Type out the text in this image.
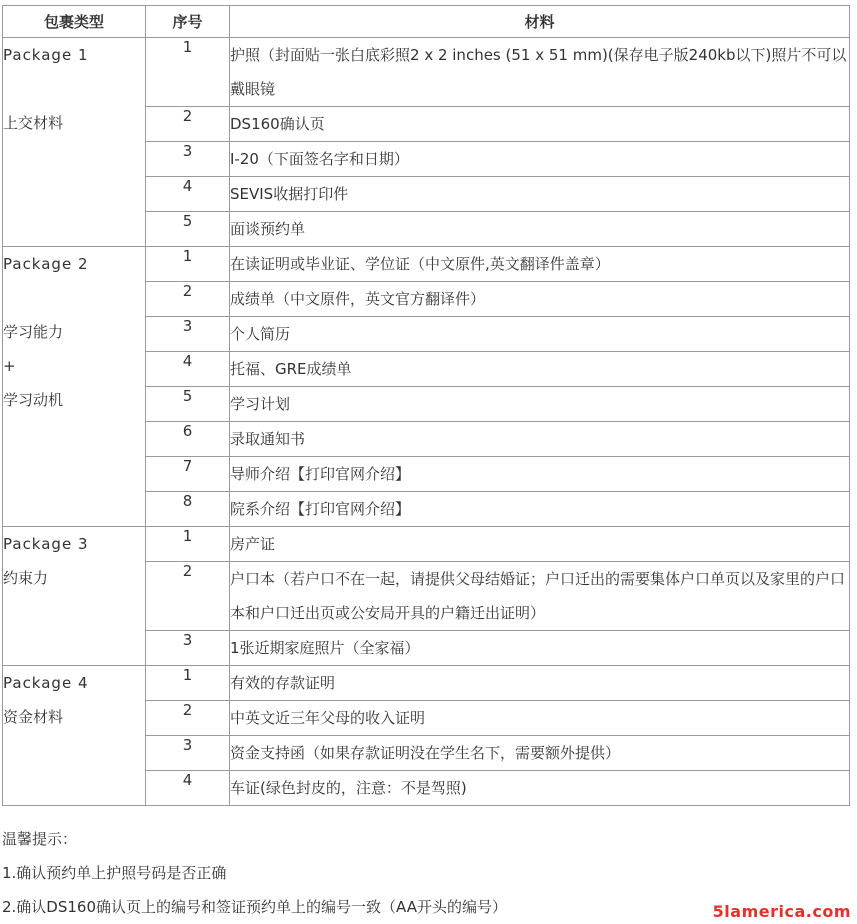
包裹类型	序号	材料

Package 1

上交材料	1	护照（封面贴一张白底彩照2 x 2 inches (51 x 51 mm)(保存电子版240kb以下)照片不可以戴眼镜
	2	DS160确认页
	3	I-20（下面签名字和日期）
	4	SEVIS收据打印件
	5	面谈预约单

Package 2

学习能力
+
学习动机	1	在读证明或毕业证、学位证（中文原件,英文翻译件盖章）
	2	成绩单（中文原件，英文官方翻译件）
	3	个人简历
	4	托福、GRE成绩单
	5	学习计划
	6	录取通知书
	7	导师介绍【打印官网介绍】
	8	院系介绍【打印官网介绍】

Package 3
约束力	1	房产证
	2	户口本（若户口不在一起，请提供父母结婚证；户口迁出的需要集体户口单页以及家里的户口本和户口迁出页或公安局开具的户籍迁出证明）
	3	1张近期家庭照片（全家福）

Package 4
资金材料	1	有效的存款证明
	2	中英文近三年父母的收入证明
	3	资金支持函（如果存款证明没在学生名下，需要额外提供）
	4	车证(绿色封皮的，注意：不是驾照)
温馨提示：
1.确认预约单上护照号码是否正确
2.确认DS160确认页上的编号和签证预约单上的编号一致（AA开头的编号）	5lamerica.com
